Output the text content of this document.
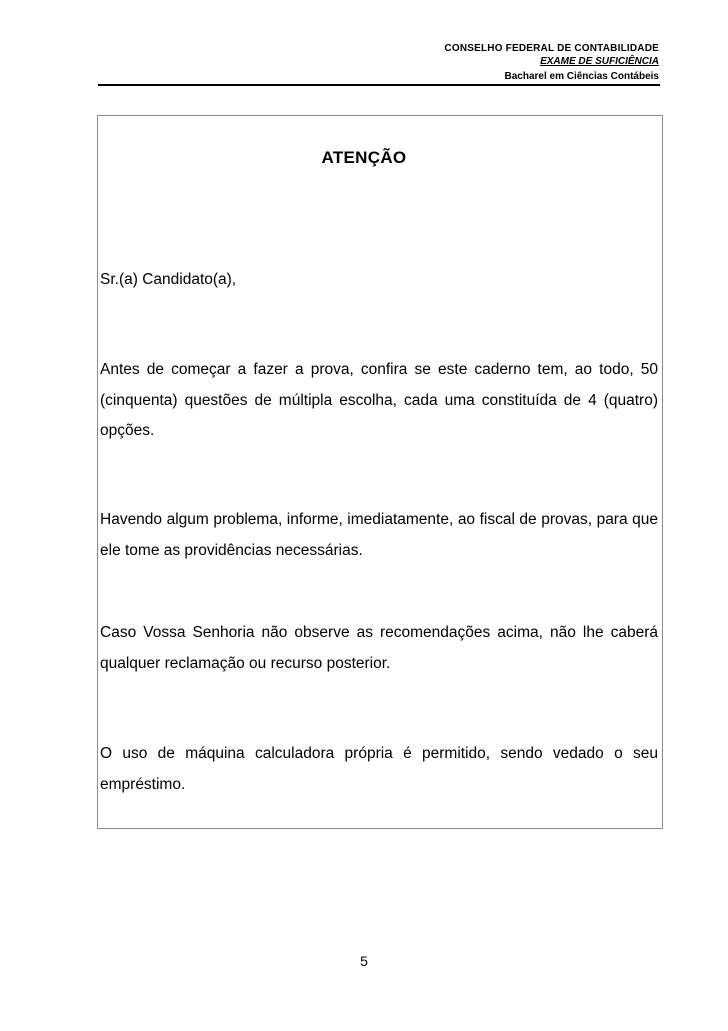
CONSELHO FEDERAL DE CONTABILIDADE
EXAME DE SUFICIÊNCIA
Bacharel em Ciências Contábeis
ATENÇÃO
Sr.(a) Candidato(a),
Antes de começar a fazer a prova, confira se este caderno tem, ao todo, 50 (cinquenta) questões de múltipla escolha, cada uma constituída de 4 (quatro) opções.
Havendo algum problema, informe, imediatamente, ao fiscal de provas, para que ele tome as providências necessárias.
Caso Vossa Senhoria não observe as recomendações acima, não lhe caberá qualquer reclamação ou recurso posterior.
O uso de máquina calculadora própria é permitido, sendo vedado o seu empréstimo.
5
